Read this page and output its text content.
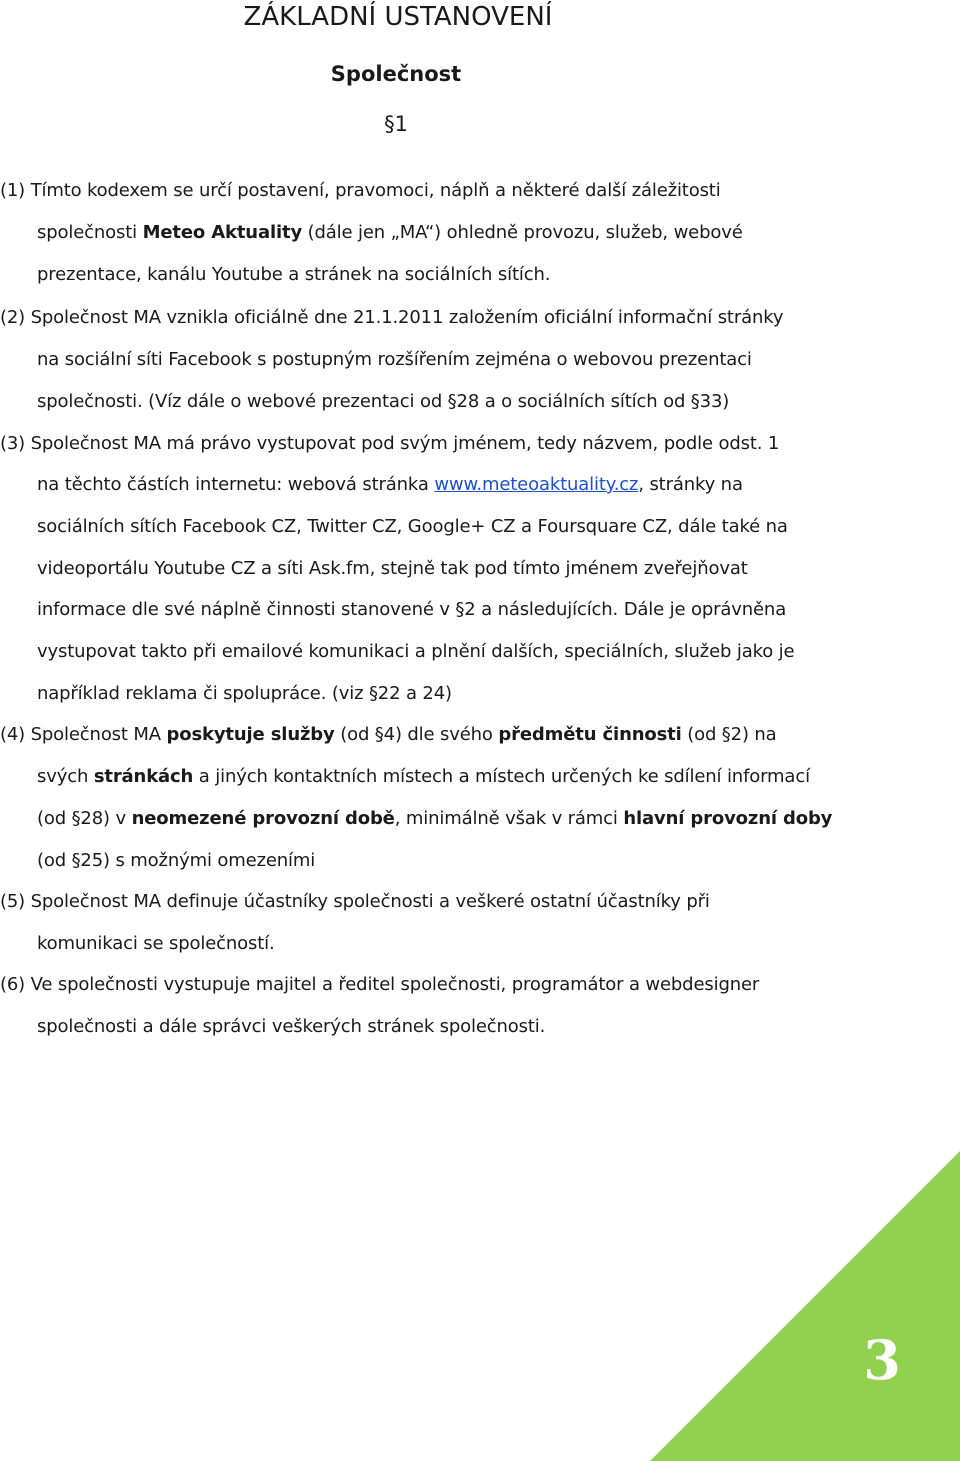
ZÁKLADNÍ USTANOVENÍ
Společnost
§1
(1) Tímto kodexem se určí postavení, pravomoci, náplň a některé další záležitosti
společnosti Meteo Aktuality (dále jen „MA“) ohledně provozu, služeb, webové
prezentace, kanálu Youtube a stránek na sociálních sítích.
(2) Společnost MA vznikla oficiálně dne 21.1.2011 založením oficiální informační stránky
na sociální síti Facebook s postupným rozšířením zejména o webovou prezentaci
společnosti. (Víz dále o webové prezentaci od §28 a o sociálních sítích od §33)
(3) Společnost MA má právo vystupovat pod svým jménem, tedy názvem, podle odst. 1
na těchto částích internetu: webová stránka www.meteoaktuality.cz, stránky na
sociálních sítích Facebook CZ, Twitter CZ, Google+ CZ a Foursquare CZ, dále také na
videoportálu Youtube CZ a síti Ask.fm, stejně tak pod tímto jménem zveřejňovat
informace dle své náplně činnosti stanovené v §2 a následujících. Dále je oprávněna
vystupovat takto při emailové komunikaci a plnění dalších, speciálních, služeb jako je
například reklama či spolupráce. (viz §22 a 24)
(4) Společnost MA poskytuje služby (od §4) dle svého předmětu činnosti (od §2) na
svých stránkách a jiných kontaktních místech a místech určených ke sdílení informací
(od §28) v neomezené provozní době, minimálně však v rámci hlavní provozní doby
(od §25) s možnými omezeními
(5) Společnost MA definuje účastníky společnosti a veškeré ostatní účastníky při
komunikaci se společností.
(6) Ve společnosti vystupuje majitel a ředitel společnosti, programátor a webdesigner
společnosti a dále správci veškerých stránek společnosti.
3
